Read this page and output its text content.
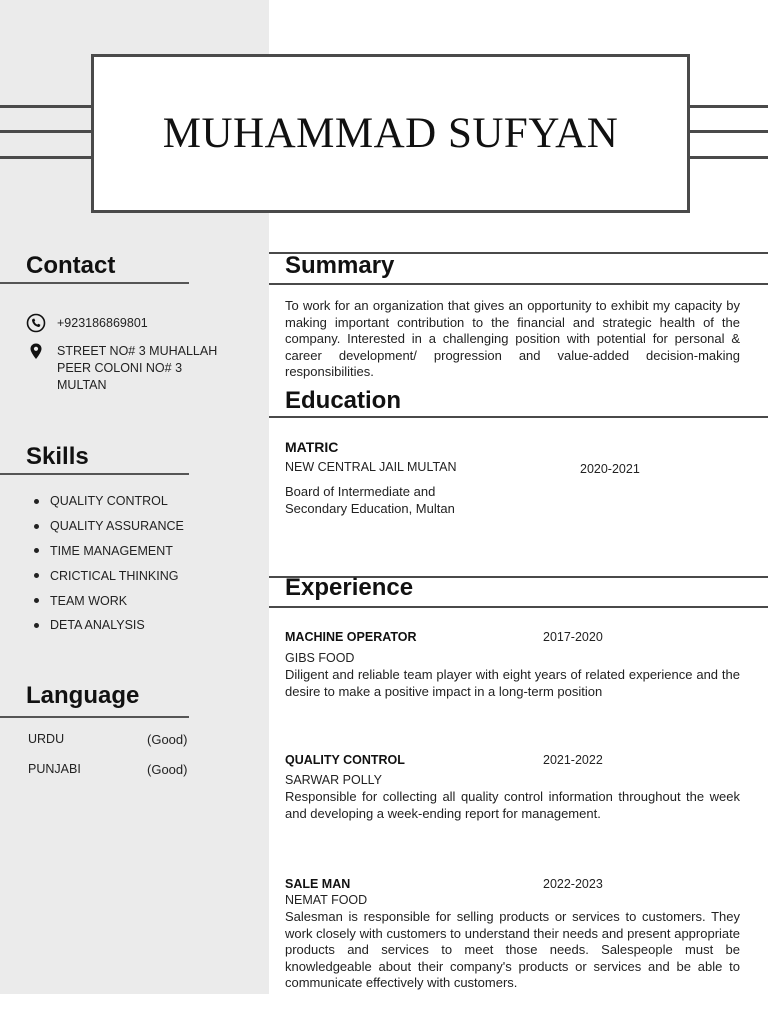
MUHAMMAD SUFYAN
Contact
+923186869801
STREET NO# 3 MUHALLAH PEER COLONI NO# 3 MULTAN
Skills
QUALITY CONTROL
QUALITY ASSURANCE
TIME MANAGEMENT
CRICTICAL THINKING
TEAM WORK
DETA ANALYSIS
Language
URDU	(Good)
PUNJABI	(Good)
Summary
To work for an organization that gives an opportunity to exhibit my capacity by making important contribution to the financial and strategic health of the company. Interested in a challenging position with potential for personal & career development/ progression and value-added decision-making responsibilities.
Education
MATRIC
NEW CENTRAL JAIL MULTAN	2020-2021
Board of Intermediate and Secondary Education, Multan
Experience
MACHINE OPERATOR	2017-2020
GIBS FOOD
Diligent and reliable team player with eight years of related experience and the desire to make a positive impact in a long-term position
QUALITY CONTROL	2021-2022
SARWAR POLLY
Responsible for collecting all quality control information throughout the week and developing a week-ending report for management.
SALE MAN	2022-2023
NEMAT FOOD
Salesman is responsible for selling products or services to customers. They work closely with customers to understand their needs and present appropriate products and services to meet those needs. Salespeople must be knowledgeable about their company's products or services and be able to communicate effectively with customers.
